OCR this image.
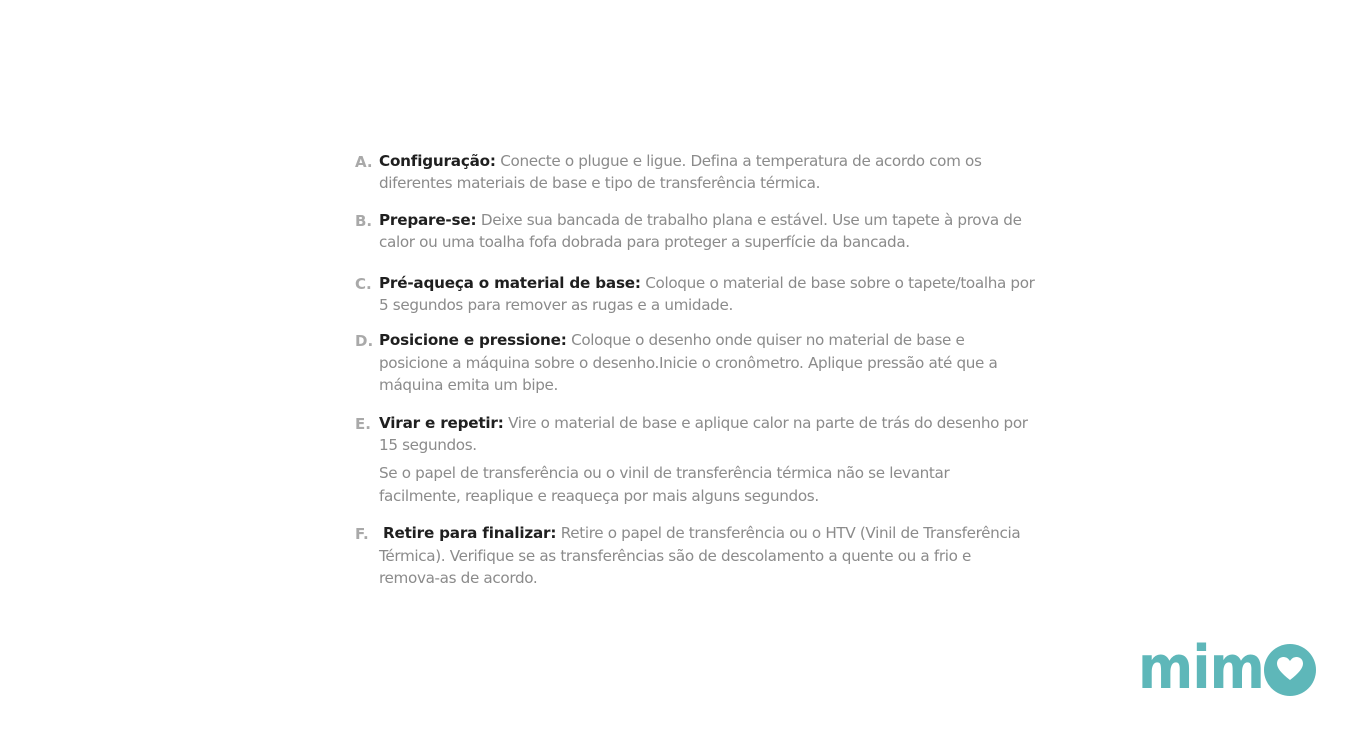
A. Configuração: Conecte o plugue e ligue. Defina a temperatura de acordo com os diferentes materiais de base e tipo de transferência térmica.
B. Prepare-se: Deixe sua bancada de trabalho plana e estável. Use um tapete à prova de calor ou uma toalha fofa dobrada para proteger a superfície da bancada.
C. Pré-aqueça o material de base: Coloque o material de base sobre o tapete/toalha por 5 segundos para remover as rugas e a umidade.
D. Posicione e pressione: Coloque o desenho onde quiser no material de base e posicione a máquina sobre o desenho.Inicie o cronômetro. Aplique pressão até que a máquina emita um bipe.
E. Virar e repetir: Vire o material de base e aplique calor na parte de trás do desenho por 15 segundos.
Se o papel de transferência ou o vinil de transferência térmica não se levantar facilmente, reaplique e reaqueça por mais alguns segundos.
F. Retire para finalizar: Retire o papel de transferência ou o HTV (Vinil de Transferência Térmica). Verifique se as transferências são de descolamento a quente ou a frio e remova-as de acordo.
mim
